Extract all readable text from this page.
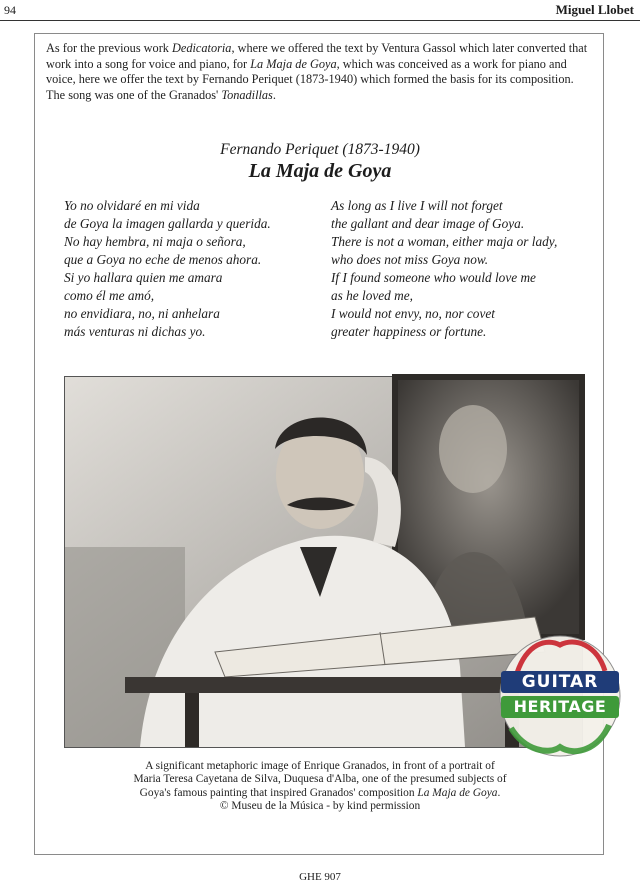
94	Miguel Llobet

As for the previous work Dedicatoria, where we offered the text by Ventura Gassol which later converted that work into a song for voice and piano, for La Maja de Goya, which was conceived as a work for piano and voice, here we offer the text by Fernando Periquet (1873-1940) which formed the basis for its composition. The song was one of the Granados' Tonadillas.

Fernando Periquet (1873-1940)
La Maja de Goya
Yo no olvidaré en mi vida
de Goya la imagen gallarda y querida.
No hay hembra, ni maja o señora,
que a Goya no eche de menos ahora.
Si yo hallara quien me amara
como él me amó,
no envidiara, no, ni anhelara
más venturas ni dichas yo.
As long as I live I will not forget
the gallant and dear image of Goya.
There is not a woman, either maja or lady,
who does not miss Goya now.
If I found someone who would love me
as he loved me,
I would not envy, no, nor covet
greater happiness or fortune.
GUITAR
HERITAGE

A significant metaphoric image of Enrique Granados, in front of a portrait of
Maria Teresa Cayetana de Silva, Duquesa d'Alba, one of the presumed subjects of
Goya's famous painting that inspired Granados' composition La Maja de Goya.
© Museu de la Música - by kind permission

GHE 907
